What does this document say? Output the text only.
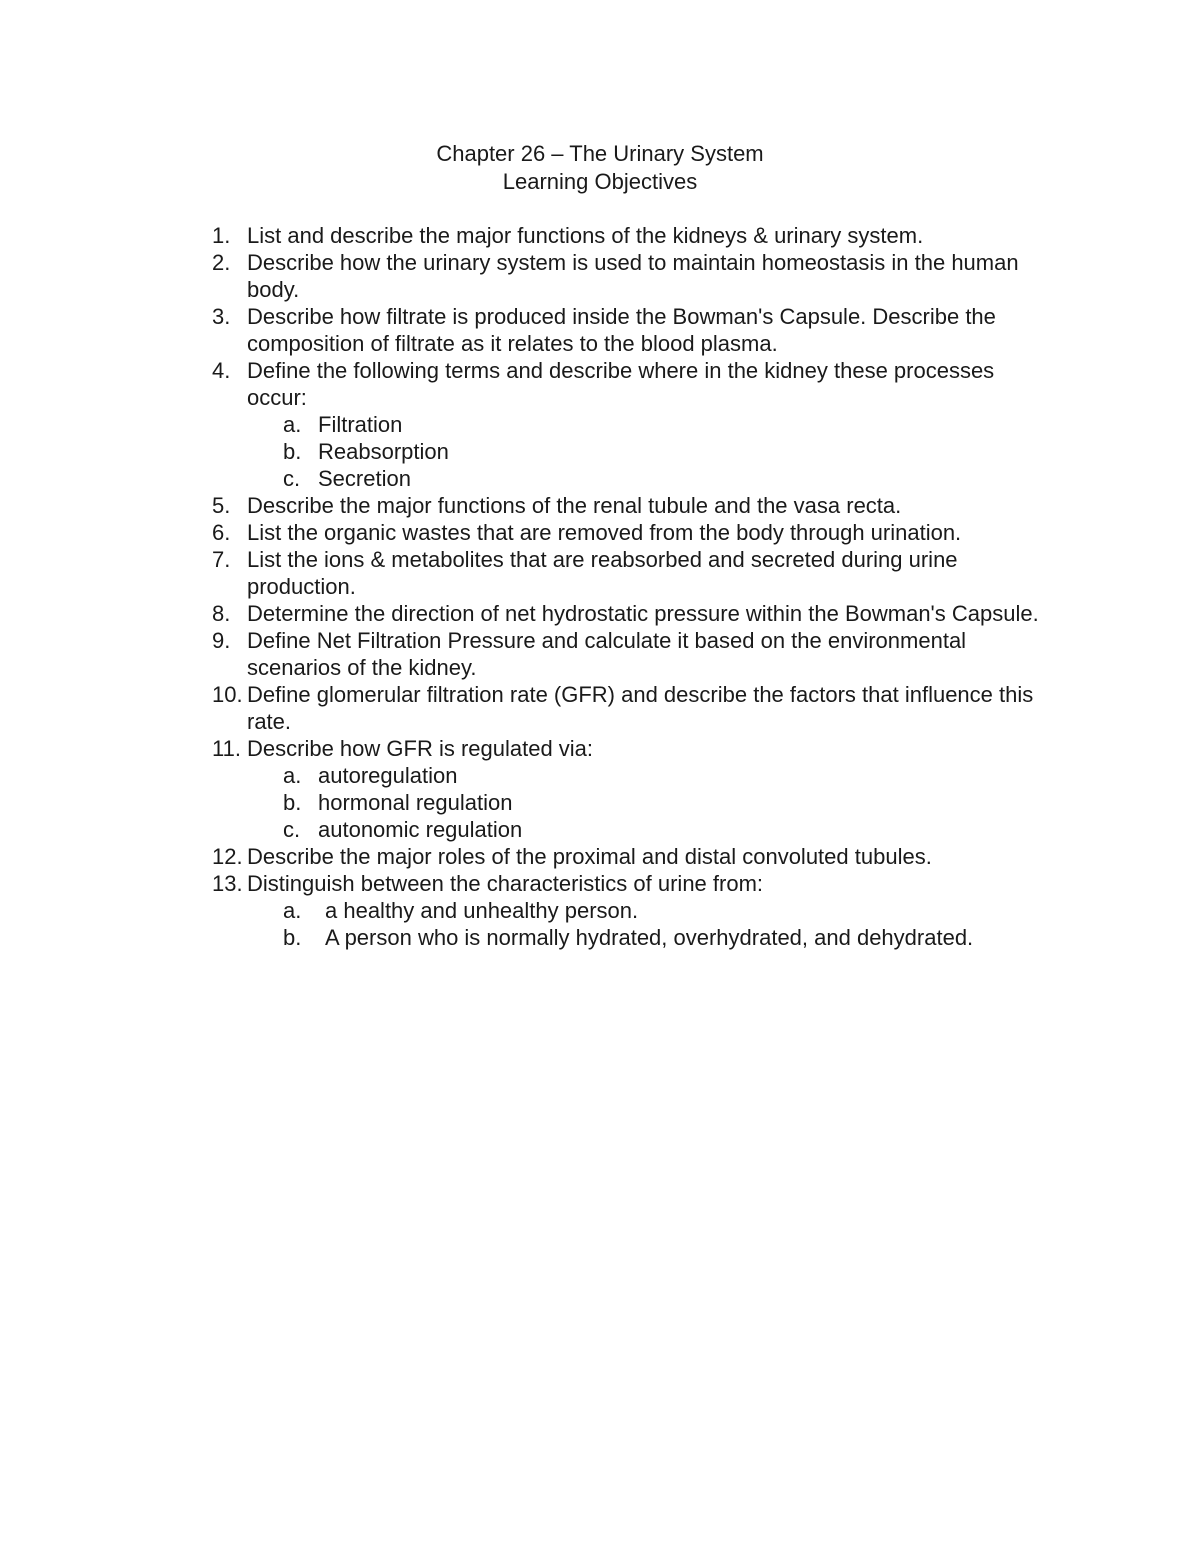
Chapter 26 – The Urinary System
Learning Objectives
1. List and describe the major functions of the kidneys & urinary system.
2. Describe how the urinary system is used to maintain homeostasis in the human body.
3. Describe how filtrate is produced inside the Bowman's Capsule. Describe the composition of filtrate as it relates to the blood plasma.
4. Define the following terms and describe where in the kidney these processes occur:
a. Filtration
b. Reabsorption
c. Secretion
5. Describe the major functions of the renal tubule and the vasa recta.
6. List the organic wastes that are removed from the body through urination.
7. List the ions & metabolites that are reabsorbed and secreted during urine production.
8. Determine the direction of net hydrostatic pressure within the Bowman's Capsule.
9. Define Net Filtration Pressure and calculate it based on the environmental scenarios of the kidney.
10. Define glomerular filtration rate (GFR) and describe the factors that influence this rate.
11. Describe how GFR is regulated via:
a. autoregulation
b. hormonal regulation
c. autonomic regulation
12. Describe the major roles of the proximal and distal convoluted tubules.
13. Distinguish between the characteristics of urine from:
a. a healthy and unhealthy person.
b. A person who is normally hydrated, overhydrated, and dehydrated.
